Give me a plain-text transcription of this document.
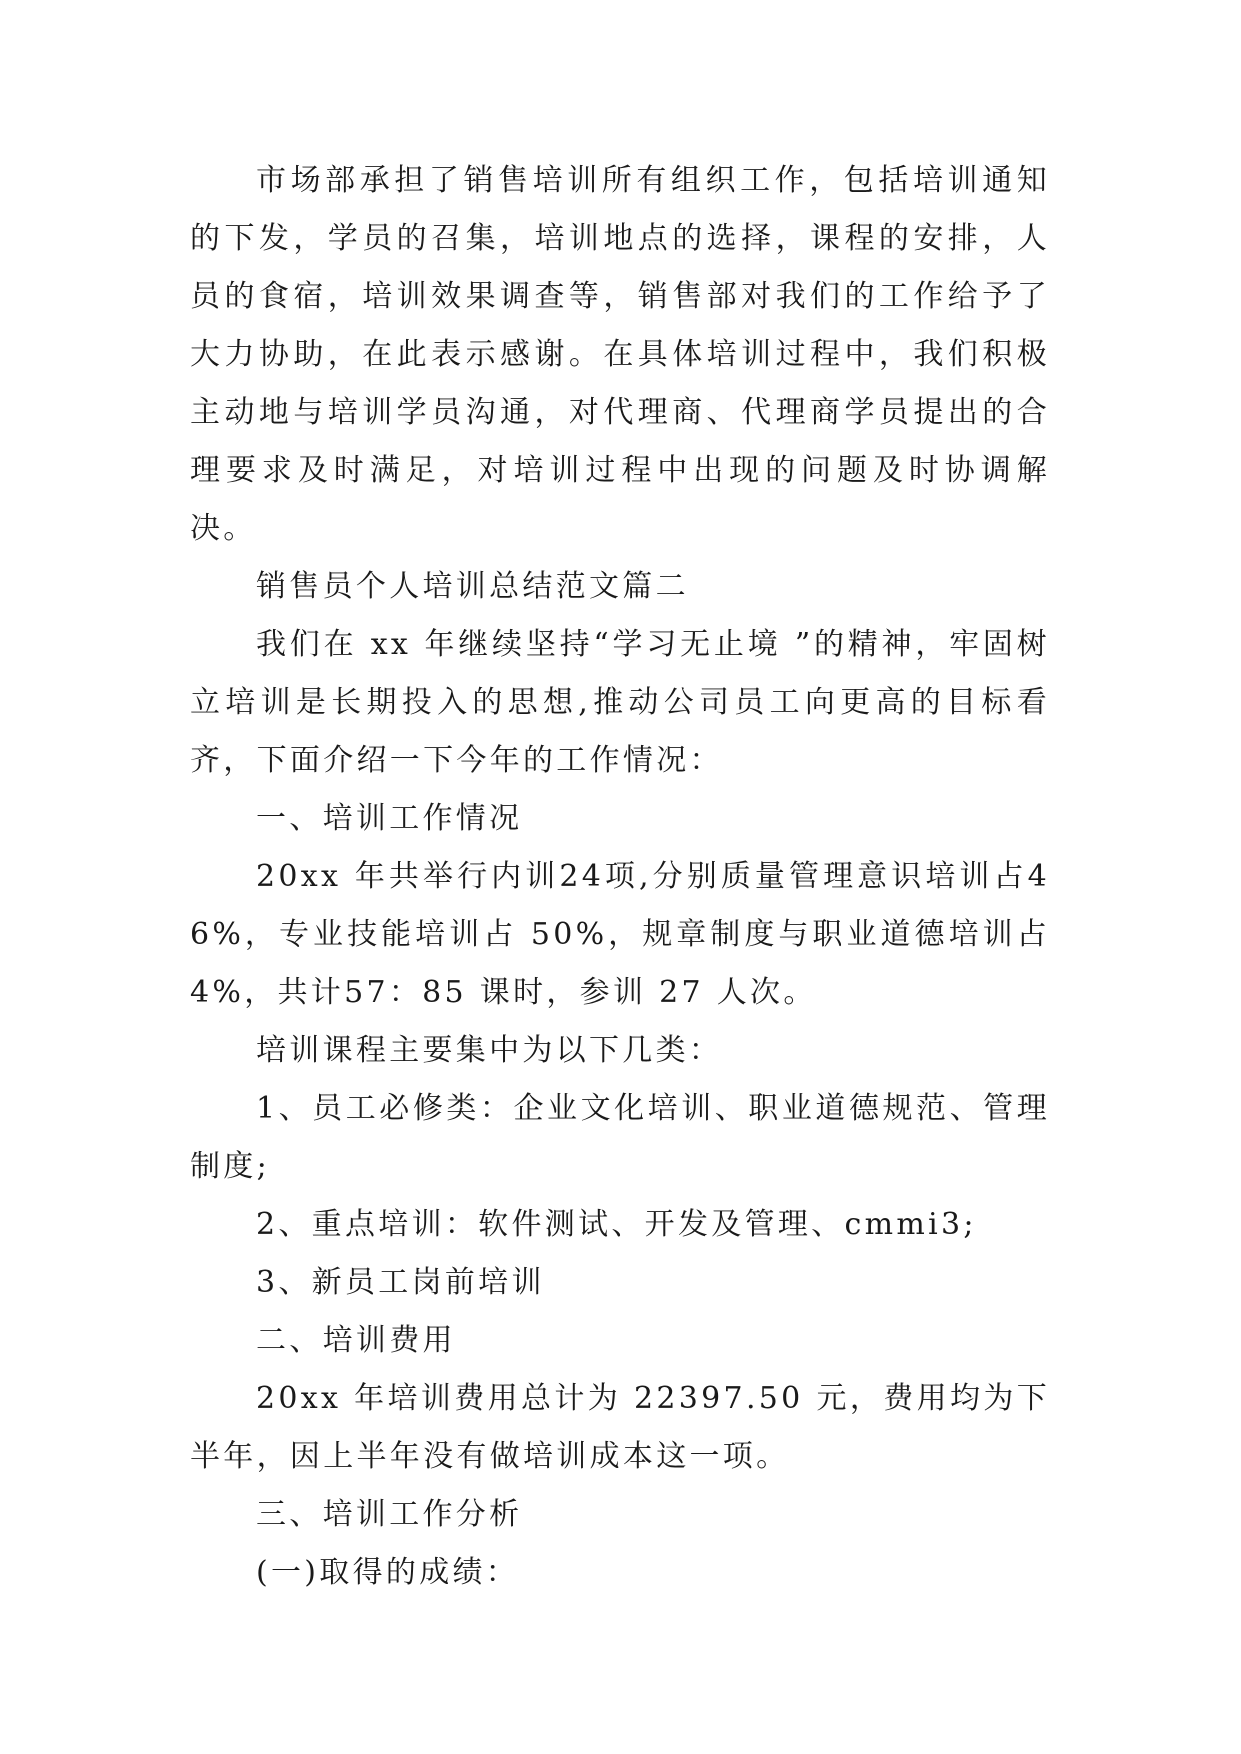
市场部承担了销售培训所有组织工作，包括培训通知的下发，学员的召集，培训地点的选择，课程的安排，人员的食宿，培训效果调查等，销售部对我们的工作给予了大力协助，在此表示感谢。在具体培训过程中，我们积极主动地与培训学员沟通，对代理商、代理商学员提出的合理要求及时满足，对培训过程中出现的问题及时协调解决。

销售员个人培训总结范文篇二

我们在 xx 年继续坚持“学习无止境 ”的精神，牢固树立培训是长期投入的思想,推动公司员工向更高的目标看齐，下面介绍一下今年的工作情况：

一、培训工作情况

20xx 年共举行内训24项,分别质量管理意识培训占46%，专业技能培训占 50%，规章制度与职业道德培训占 4%，共计57：85 课时，参训 27 人次。

培训课程主要集中为以下几类：

1、员工必修类：企业文化培训、职业道德规范、管理制度;

2、重点培训：软件测试、开发及管理、cmmi3;

3、新员工岗前培训

二、培训费用

20xx 年培训费用总计为 22397.50 元，费用均为下半年，因上半年没有做培训成本这一项。

三、培训工作分析

(一)取得的成绩：
